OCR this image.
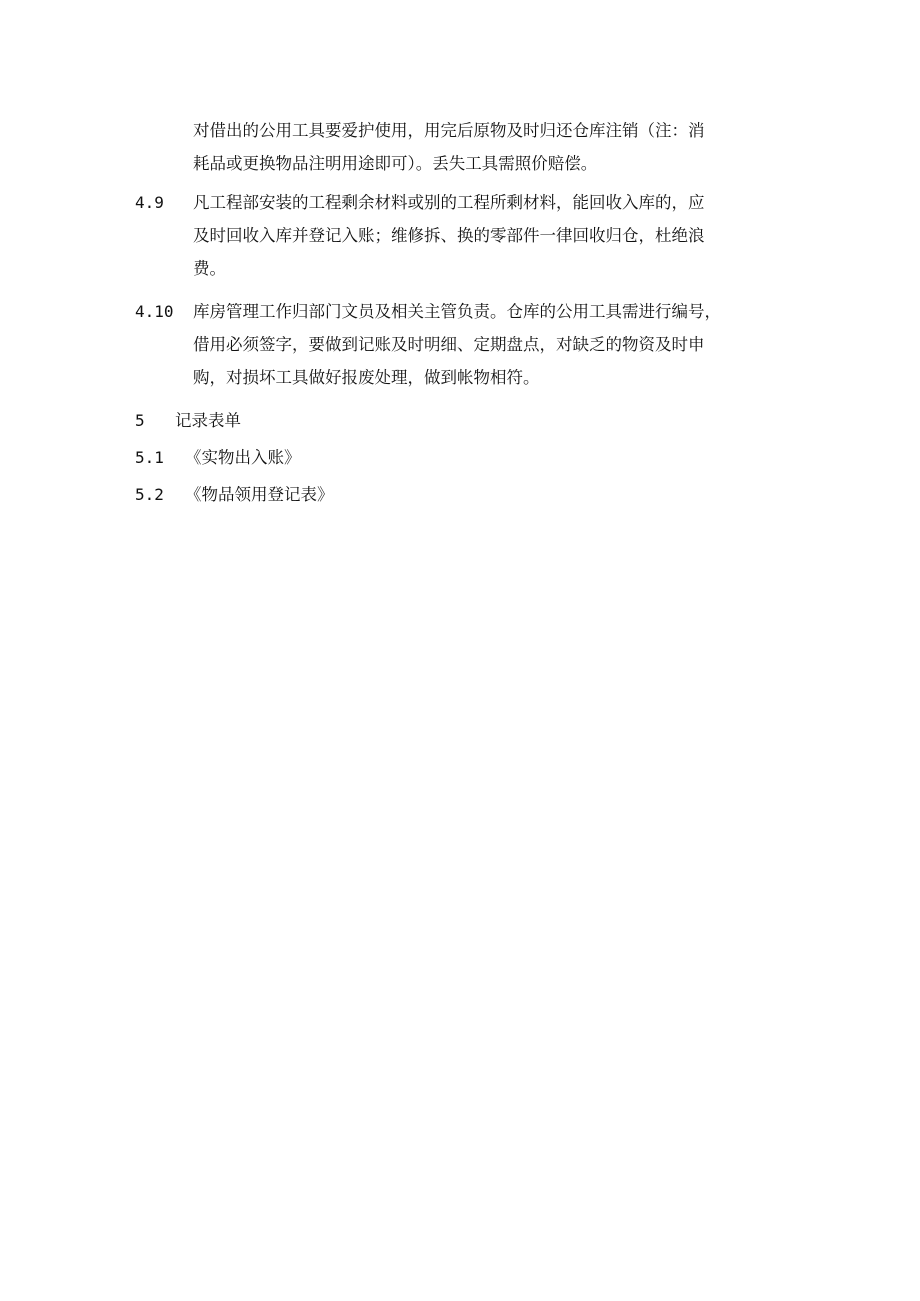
对借出的公用工具要爱护使用，用完后原物及时归还仓库注销（注：消
耗品或更换物品注明用途即可）。丢失工具需照价赔偿。
4.9 凡工程部安装的工程剩余材料或别的工程所剩材料，能回收入库的，应
及时回收入库并登记入账；维修拆、换的零部件一律回收归仓，杜绝浪
费。
4.10 库房管理工作归部门文员及相关主管负责。仓库的公用工具需进行编号，
借用必须签字，要做到记账及时明细、定期盘点，对缺乏的物资及时申
购，对损坏工具做好报废处理，做到帐物相符。
5 记录表单
5.1 《实物出入账》
5.2 《物品领用登记表》
